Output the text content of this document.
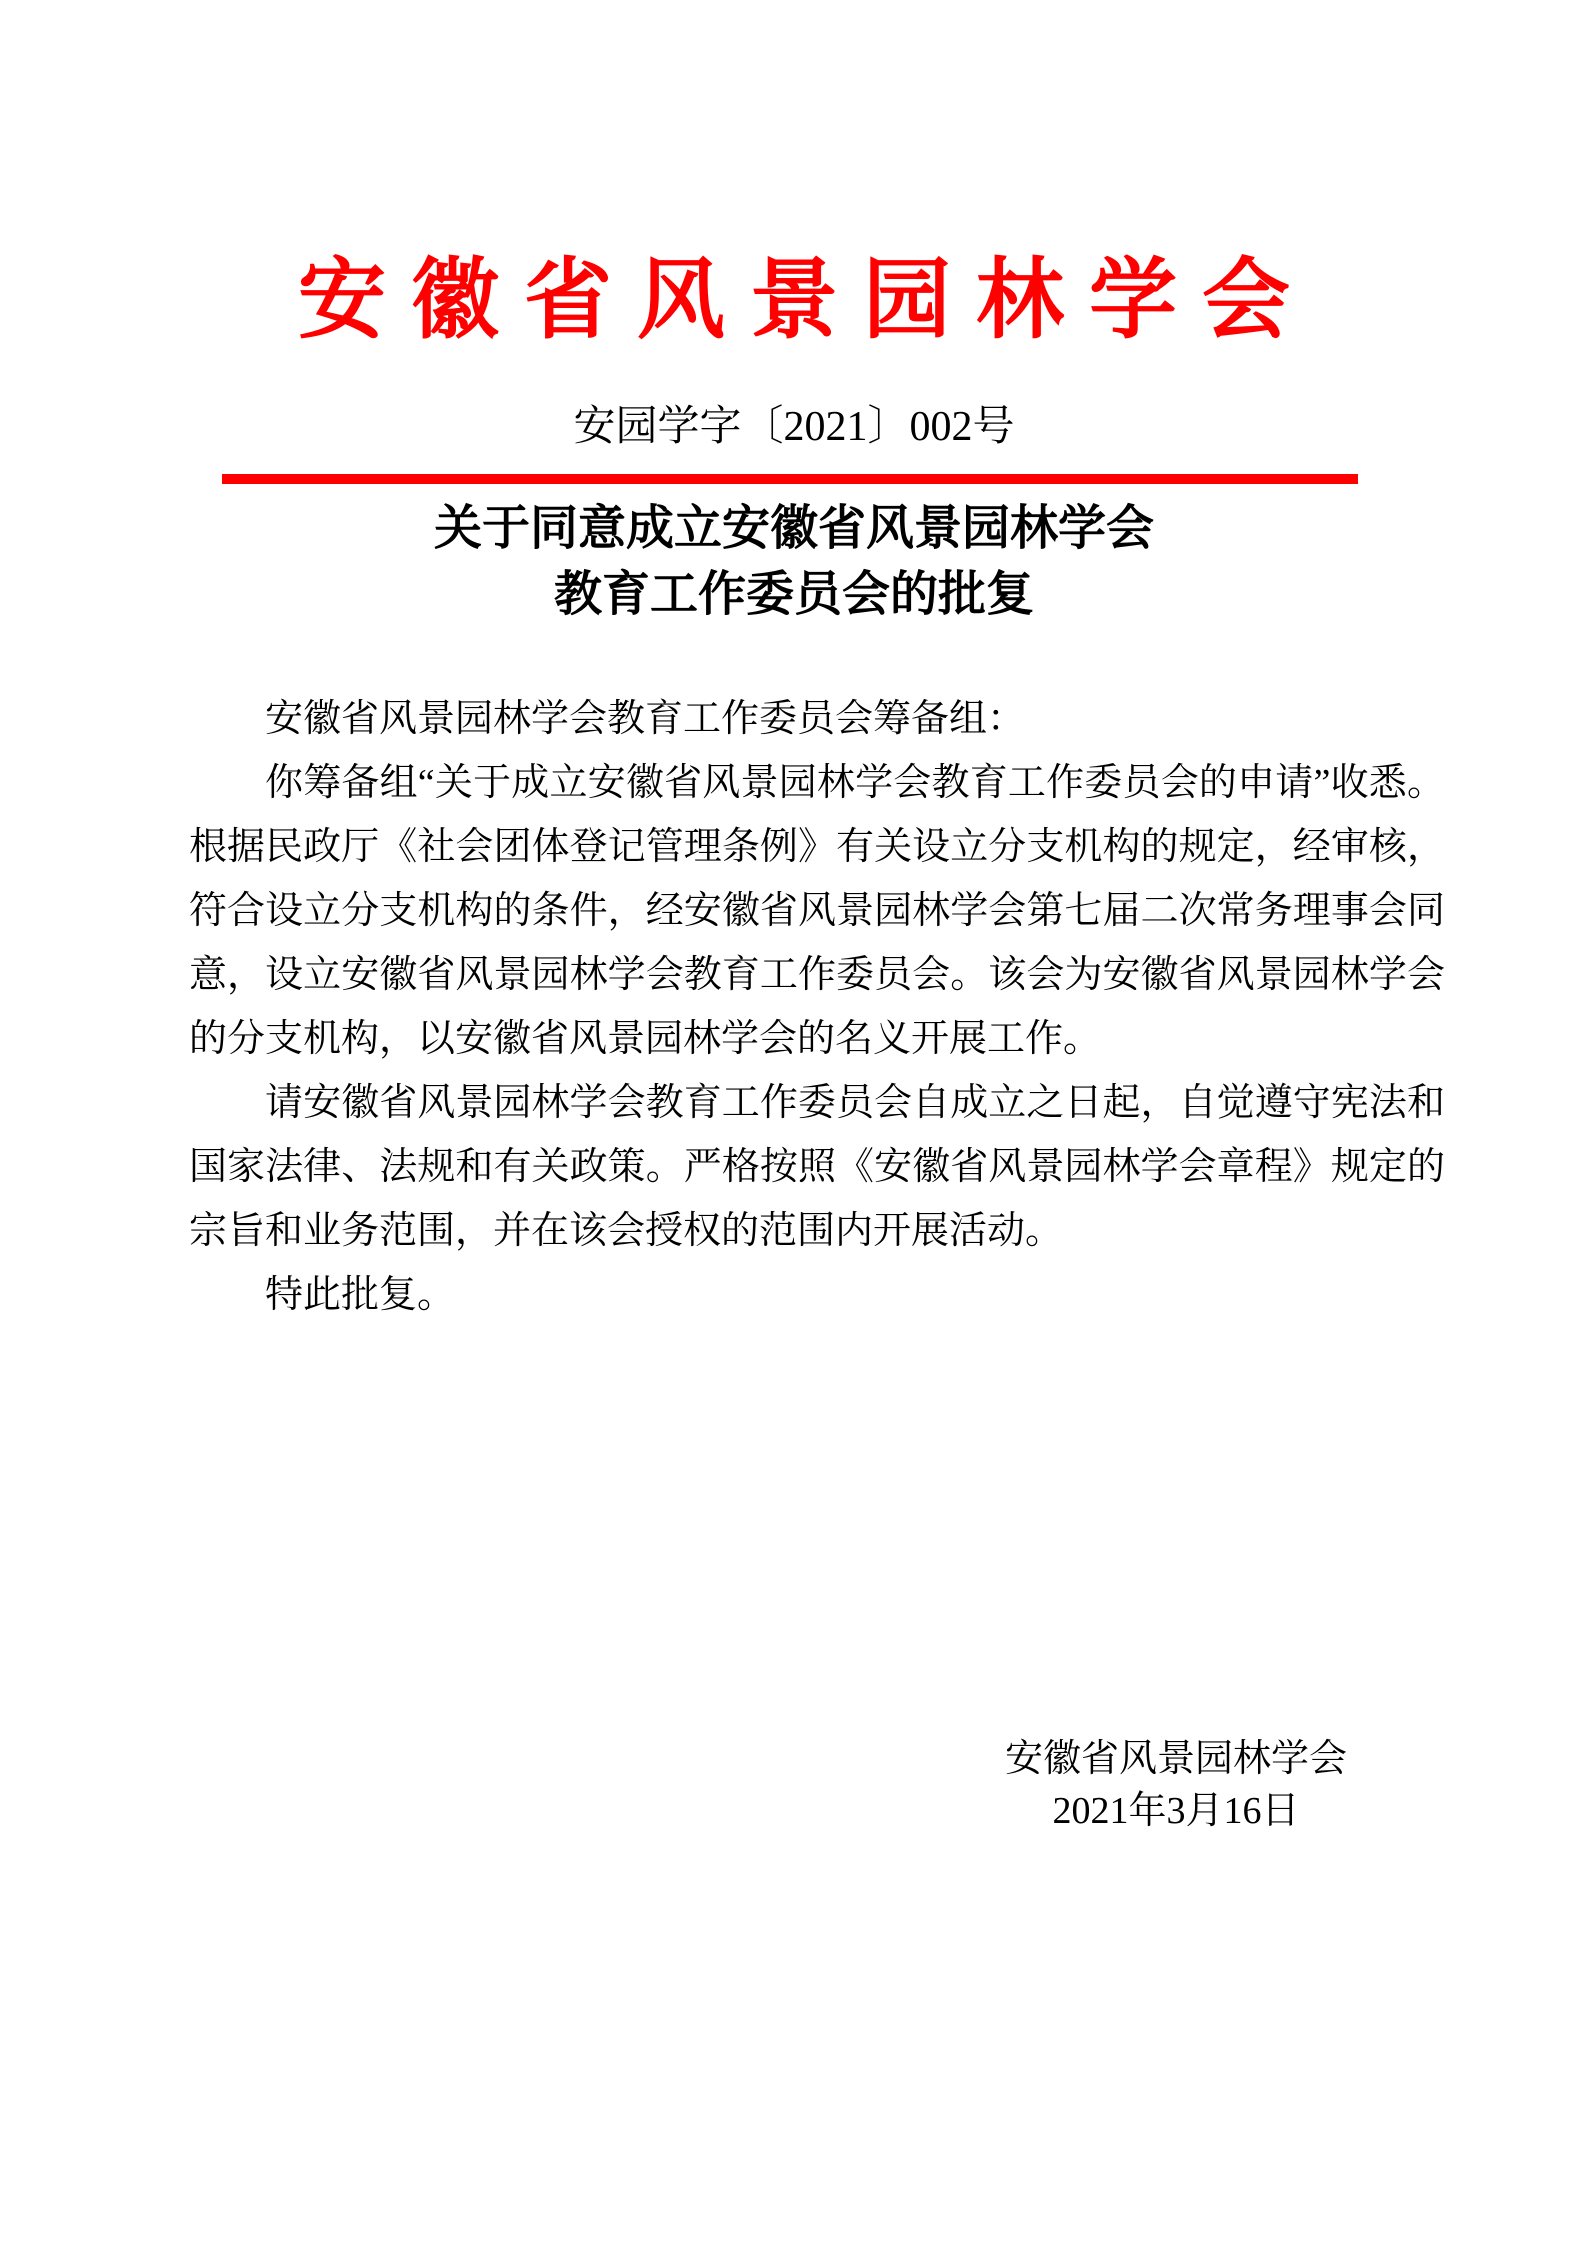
安徽省风景园林学会
安园学字〔2021〕002号
关于同意成立安徽省风景园林学会
教育工作委员会的批复

安徽省风景园林学会教育工作委员会筹备组：

你筹备组“关于成立安徽省风景园林学会教育工作委员会的申请”收悉。根据民政厅《社会团体登记管理条例》有关设立分支机构的规定，经审核，符合设立分支机构的条件，经安徽省风景园林学会第七届二次常务理事会同意，设立安徽省风景园林学会教育工作委员会。该会为安徽省风景园林学会的分支机构，以安徽省风景园林学会的名义开展工作。

请安徽省风景园林学会教育工作委员会自成立之日起，自觉遵守宪法和国家法律、法规和有关政策。严格按照《安徽省风景园林学会章程》规定的宗旨和业务范围，并在该会授权的范围内开展活动。

特此批复。

安徽省风景园林学会
2021年3月16日
